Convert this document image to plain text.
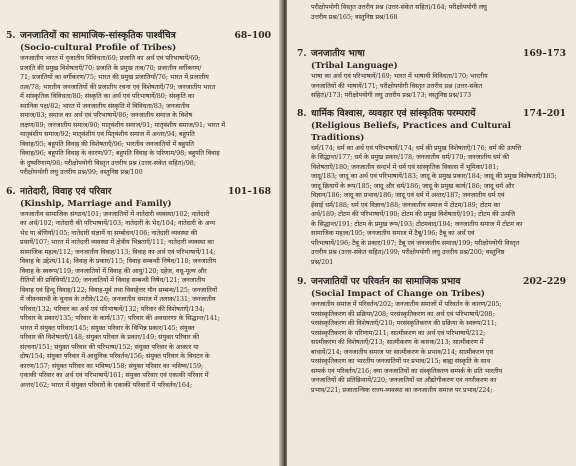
5. जनजातियों का सामाजिक-सांस्कृतिक पार्श्वचित्र	68–100
(Socio-cultural Profile of Tribes)
जनजातीय भारत में नृजातीय विविधता/69; प्रजाति का अर्थ एवं परिभाषायें/69;
प्रजाति की प्रमुख विशेषताएँ/70; प्रजाति के प्रमुख तत्व/70; प्रजातीय वर्गीकरण/
71; प्रजातियों का वर्गीकरण/75; भारत की प्रमुख प्रजातियाँ/76; भारत में प्रजातीय
तत्व/78; भारतीय जनजातियों की प्रजातीय रचना एवं विशेषताएँ/79; जनजातीय भारत
में सांस्कृतिक विविधता/80; संस्कृति का अर्थ एवं परिभाषायें/80; संस्कृति का
स्थानिक पक्ष/82; भारत में जनजातीय संस्कृति में विविधता/83; जनजातीय
समाज/83; समाज का अर्थ एवं परिभाषायें/86; जनजातीय समाज के विशेष
लक्षण/89; जनजातीय समाज/90; मातृवंशीय समाज/91; मातृवंशीय समाज/91; भारत में
मातृवंशीय समाज/92; मातृवंशीय एवं पितृवंशीय समाज में अन्तर/94; बहुपति
विवाह/95; बहुपति विवाह की विशेषताएँ/96; भारतीय जनजातियों में बहुपति
विवाह/96; बहुपति विवाह के कारण/97; बहुपति विवाह के परिणाम/98; बहुपति विवाह
के दुष्परिणाम/98; परीक्षोपयोगी विस्तृत उत्तरीय प्रश्न (उत्तर-संकेत सहित)/98;
परीक्षोपयोगी लघु उत्तरीय प्रश्न/99; वस्तुनिष्ठ प्रश्न/100
6. नातेदारी, विवाह एवं परिवार	101–168
(Kinship, Marriage and Family)
जनजातीय सामाजिक संगठन/101; जनजातियों में नातेदारी व्यवस्था/102; नातेदारी
का अर्थ/102; नातेदारी की परिभाषायें/103; नातेदारी के भेद/104; नातेदारी के अन्य
भेद या श्रेणियाँ/105; नातेदारी संज्ञायें या सम्बोधन/106; नातेदारी व्यवस्था की
प्रथायें/107; भारत में नातेदारी व्यवस्था में क्षेत्रीय भिन्नताएँ/111; नातेदारी व्यवस्था का
सामाजिक महत्व/112; जनजातीय विवाह/113; विवाह का अर्थ एवं परिभाषायें/114;
विवाह के उद्देश्य/114; विवाह के प्रकार/115; विवाह सम्बन्धी निषेध/118; जनजातीय
विवाह के स्वरूप/119; जनजातियों में विवाह की आयु/120; दहेज, वधू-मूल्य और
रीतियों की प्रविधियाँ/120; जनजातियों में विवाह सम्बन्धी निषेध/121; जनजातीय
विवाह एवं हिन्दू विवाह/122; विवाह-पूर्व तथा विवाहेत्तर यौन सम्बन्ध/125; जनजातियों
में जीवनसाथी के चुनाव के तरीके/126; जनजातीय समाज में तलाक/131; जनजातीय
परिवार/132; परिवार का अर्थ एवं परिभाषायें/132; परिवार की विशेषताएँ/134;
परिवार के प्रकार/135; परिवार के कार्य/137; परिवार की अवधारणा के सिद्धान्त/141;
भारत में संयुक्त परिवार/145; संयुक्त परिवार के विभिन्न प्रकार/145; संयुक्त
परिवार की विशेषताएँ/148; संयुक्त परिवार के प्रकार/149; संयुक्त परिवार की
संरचना/151; संयुक्त परिवार की परिभाषा/152; संयुक्त परिवार के आकार या
दोष/154; संयुक्त परिवार में आधुनिक परिवर्तन/156; संयुक्त परिवार के विघटन के
कारण/157; संयुक्त परिवार का भविष्य/158; संयुक्त परिवार का भविष्य/159;
एकाकी परिवार का अर्थ एवं परिभाषायें/161; संयुक्त परिवार एवं एकाकी परिवार में
अन्तर/162; भारत में संयुक्त परिवारों के एकाकी परिवारों में परिवर्तन/164;
परीक्षोपयोगी विस्तृत उत्तरीय प्रश्न (उत्तर-संकेत सहित)/164; परीक्षोपयोगी लघु
उत्तरीय प्रश्न/165; वस्तुनिष्ठ प्रश्न/168
7. जनजातीय भाषा	169–173
(Tribal Language)
भाषा का अर्थ एवं परिभाषायें/169; भारत में भाषायी विविधता/170; भारतीय
जनजातियों की भाषायें/171; परीक्षोपयोगी विस्तृत उत्तरीय प्रश्न (उत्तर-संकेत
सहित)/173; परीक्षोपयोगी लघु उत्तरीय प्रश्न/173; वस्तुनिष्ठ प्रश्न/173
8. धार्मिक विश्वास, व्यवहार एवं सांस्कृतिक परम्परायें	174–201
(Religious Beliefs, Practices and Cultural Traditions)
धर्म/174; धर्म का अर्थ एवं परिभाषायें/174; धर्म की प्रमुख विशेषताएँ/176; धर्म की उत्पत्ति
के सिद्धान्त/177; धर्म के प्रमुख प्रकार/178; जनजातीय धर्म/179; जनजातीय धर्म की
विशेषताएँ/180; जनजातीय सन्दर्भ में धर्म एवं सांस्कृतिक विकास में भूमिका/181;
जादू/183; जादू का अर्थ एवं परिभाषायें/183; जादू के प्रमुख प्रकार/184; जादू की प्रमुख विशेषताएँ/185;
जादू क्रियायें के रूप/185; जादू और धर्म/186; जादू के प्रमुख कार्य/186; जादू धर्म और
विज्ञान/186; जादू का प्रभाव/186; जादू एवं धर्म में अन्तर/187; जनजातीय धर्म एवं
ईसाई धर्म/188; धर्म एवं विज्ञान/188; जनजातीय समाज में टोटम/189; टोटम का
अर्थ/189; टोटम की परिभाषायें/190; टोटम की प्रमुख विशेषताएँ/191; टोटम की उत्पत्ति
के सिद्धान्त/191; टोटम के प्रमुख रूप/193; टोटमवाद/194; जनजातीय समाज में टोटम का
सामाजिक महत्त्व/195; जनजातीय समाज में टैबू/196; टैबू का अर्थ एवं
परिभाषायें/196; टैबू के प्रकार/197; टैबू एवं जनजातीय समाज/199; परीक्षोपयोगी विस्तृत
उत्तरीय प्रश्न (उत्तर-संकेत सहित)/199; परीक्षोपयोगी लघु उत्तरीय प्रश्न/200; वस्तुनिष्ठ
प्रश्न/201
9. जनजातियों पर परिवर्तन का सामाजिक प्रभाव	202–229
(Social Impact of Change on Tribes)
जनजातीय समाज में परिवर्तन/202; जनजातीय समाजों में परिवर्तन के कारण/205;
परसंस्कृतिकरण की प्रक्रिया/208; परसंस्कृतिकरण का अर्थ एवं परिभाषायें/208;
परसंस्कृतिकरण की विशेषताएँ/210; परसंस्कृतिकरण की प्रक्रिया के स्वरूप/211;
परसंस्कृतिकरण के परिणाम/211; सात्मीकरण का अर्थ एवं परिभाषायें/212;
सात्मीकरण की विशेषताएँ/213; सात्मीकरण के कारक/213; सात्मीकरण में
बाधायें/214; जनजातीय समाज पर सात्मीकरण के प्रभाव/214; सात्मीकरण एवं
परसंस्कृतिकरण का भारतीय जनजातियों पर प्रभाव/215; बाह्य संस्कृति के साथ
सम्पर्क एवं परिवर्तन/216; क्या जनजातियों का संस्कृतिकरण सम्पर्क के प्रति भारतीय
जनजातियों की प्रतिक्रियायें/220; जनजातियों पर औद्योगीकरण एवं नगरीकरण का
प्रभाव/221; प्रजातान्त्रिक राज्य-व्यवस्था का जनजातीय समाज पर प्रभाव/224;
